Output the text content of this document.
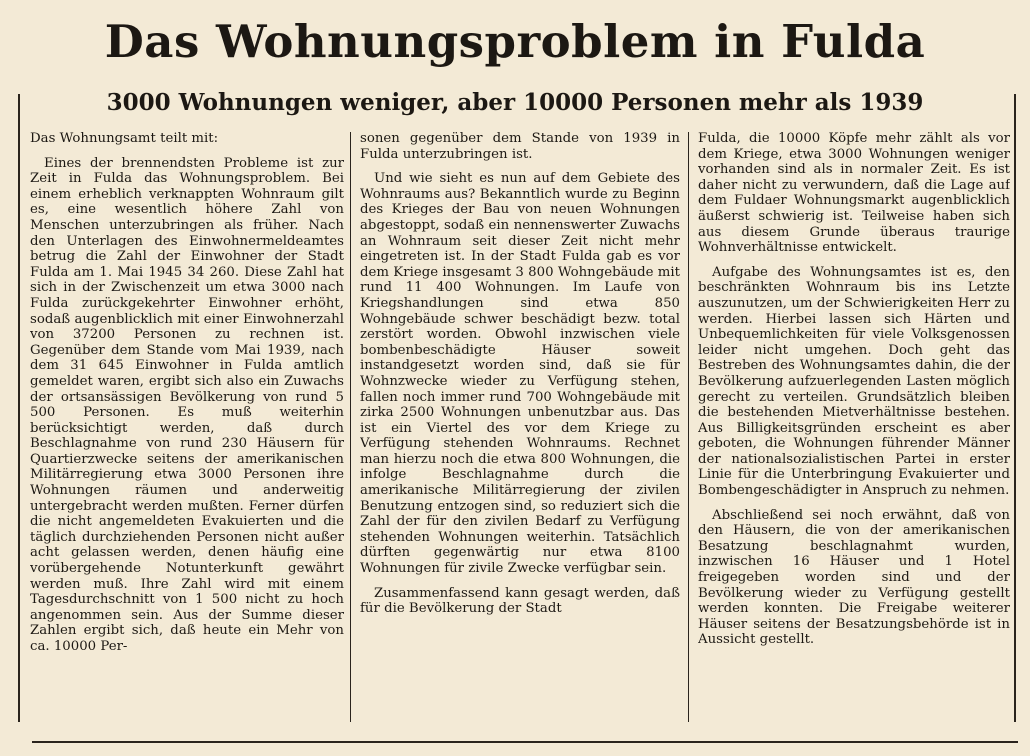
Das Wohnungsproblem in Fulda
3000 Wohnungen weniger, aber 10000 Personen mehr als 1939

Das Wohnungsamt teilt mit:

Eines der brennendsten Probleme ist zur Zeit in Fulda das Wohnungsproblem. Bei einem erheblich verknappten Wohnraum gilt es, eine wesentlich höhere Zahl von Menschen unterzubringen als früher. Nach den Unterlagen des Einwohnermeldeamtes betrug die Zahl der Einwohner der Stadt Fulda am 1. Mai 1945 34 260. Diese Zahl hat sich in der Zwischenzeit um etwa 3000 nach Fulda zurückgekehrter Einwohner erhöht, sodaß augenblicklich mit einer Einwohnerzahl von 37200 Personen zu rechnen ist. Gegenüber dem Stande vom Mai 1939, nach dem 31 645 Einwohner in Fulda amtlich gemeldet waren, ergibt sich also ein Zuwachs der ortsansässigen Bevölkerung von rund 5 500 Personen. Es muß weiterhin berücksichtigt werden, daß durch Beschlagnahme von rund 230 Häusern für Quartierzwecke seitens der amerikanischen Militärregierung etwa 3000 Personen ihre Wohnungen räumen und anderweitig untergebracht werden mußten. Ferner dürfen die nicht angemeldeten Evakuierten und die täglich durchziehenden Personen nicht außer acht gelassen werden, denen häufig eine vorübergehende Notunterkunft gewährt werden muß. Ihre Zahl wird mit einem Tagesdurchschnitt von 1 500 nicht zu hoch angenommen sein. Aus der Summe dieser Zahlen ergibt sich, daß heute ein Mehr von ca. 10000 Per-

sonen gegenüber dem Stande von 1939 in Fulda unterzubringen ist.

Und wie sieht es nun auf dem Gebiete des Wohnraums aus? Bekanntlich wurde zu Beginn des Krieges der Bau von neuen Wohnungen abgestoppt, sodaß ein nennenswerter Zuwachs an Wohnraum seit dieser Zeit nicht mehr eingetreten ist. In der Stadt Fulda gab es vor dem Kriege insgesamt 3 800 Wohngebäude mit rund 11 400 Wohnungen. Im Laufe von Kriegshandlungen sind etwa 850 Wohngebäude schwer beschädigt bezw. total zerstört worden. Obwohl inzwischen viele bombenbeschädigte Häuser soweit instandgesetzt worden sind, daß sie für Wohnzwecke wieder zu Verfügung stehen, fallen noch immer rund 700 Wohngebäude mit zirka 2500 Wohnungen unbenutzbar aus. Das ist ein Viertel des vor dem Kriege zu Verfügung stehenden Wohnraums. Rechnet man hierzu noch die etwa 800 Wohnungen, die infolge Beschlagnahme durch die amerikanische Militärregierung der zivilen Benutzung entzogen sind, so reduziert sich die Zahl der für den zivilen Bedarf zu Verfügung stehenden Wohnungen weiterhin. Tatsächlich dürften gegenwärtig nur etwa 8100 Wohnungen für zivile Zwecke verfügbar sein.

Zusammenfassend kann gesagt werden, daß für die Bevölkerung der Stadt

Fulda, die 10000 Köpfe mehr zählt als vor dem Kriege, etwa 3000 Wohnungen weniger vorhanden sind als in normaler Zeit. Es ist daher nicht zu verwundern, daß die Lage auf dem Fuldaer Wohnungsmarkt augenblicklich äußerst schwierig ist. Teilweise haben sich aus diesem Grunde überaus traurige Wohnverhältnisse entwickelt.

Aufgabe des Wohnungsamtes ist es, den beschränkten Wohnraum bis ins Letzte auszunutzen, um der Schwierigkeiten Herr zu werden. Hierbei lassen sich Härten und Unbequemlichkeiten für viele Volksgenossen leider nicht umgehen. Doch geht das Bestreben des Wohnungsamtes dahin, die der Bevölkerung aufzuerlegenden Lasten möglich gerecht zu verteilen. Grundsätzlich bleiben die bestehenden Mietverhältnisse bestehen. Aus Billigkeitsgründen erscheint es aber geboten, die Wohnungen führender Männer der nationalsozialistischen Partei in erster Linie für die Unterbringung Evakuierter und Bombengeschädigter in Anspruch zu nehmen.

Abschließend sei noch erwähnt, daß von den Häusern, die von der amerikanischen Besatzung beschlagnahmt wurden, inzwischen 16 Häuser und 1 Hotel freigegeben worden sind und der Bevölkerung wieder zu Verfügung gestellt werden konnten. Die Freigabe weiterer Häuser seitens der Besatzungsbehörde ist in Aussicht gestellt.
